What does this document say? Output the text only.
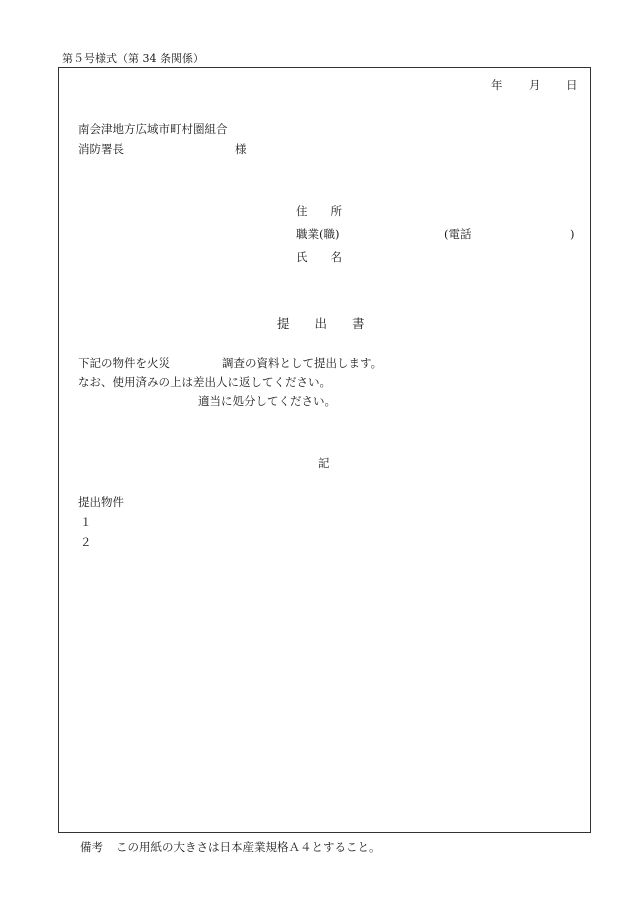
第５号様式（第 34 条関係）
年 月 日
南会津地方広域市町村圏組合
消防署長	様
住　　所
職業(職)	(電話	)
氏　　名
提　　出　　書
下記の物件を火災	調査の資料として提出します。
なお、使用済みの上は差出人に返してください。
適当に処分してください。
記
提出物件
１
２
備考 この用紙の大きさは日本産業規格Ａ４とすること。
